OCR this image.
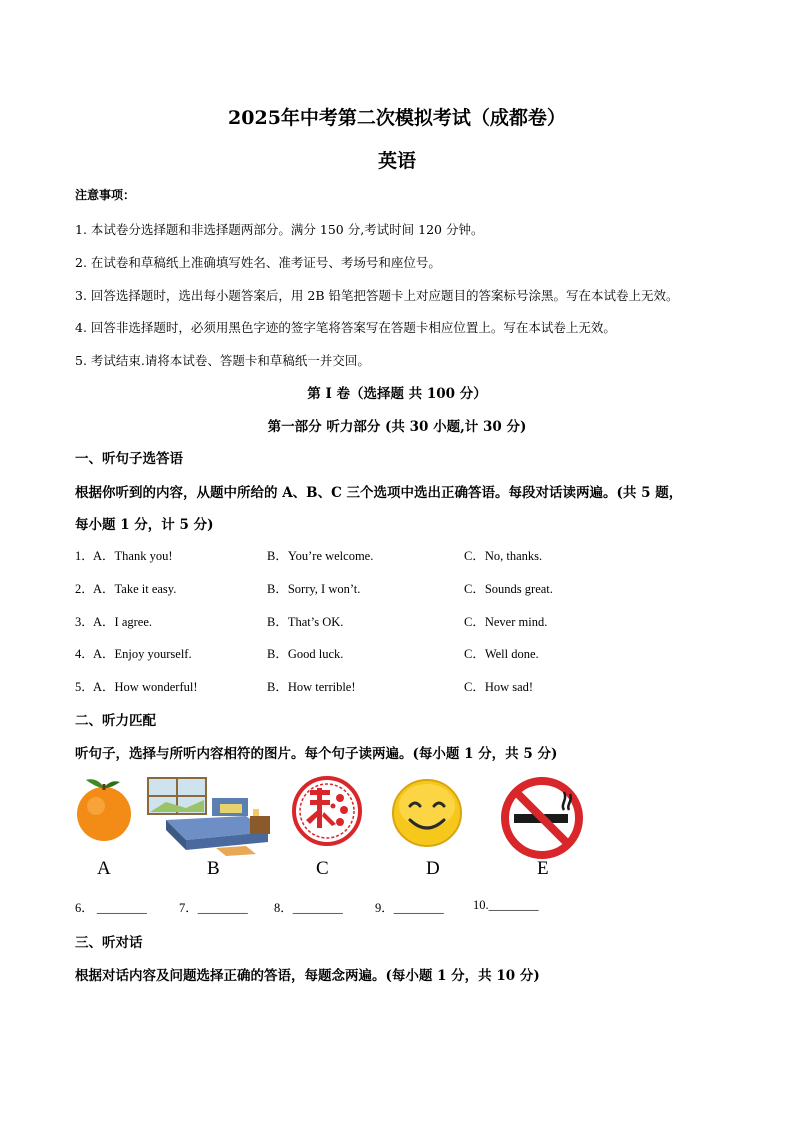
2025年中考第二次模拟考试（成都卷）
英语
注意事项：
1. 本试卷分选择题和非选择题两部分。满分 150 分,考试时间 120 分钟。
2. 在试卷和草稿纸上准确填写姓名、准考证号、考场号和座位号。
3. 回答选择题时，选出每小题答案后，用 2B 铅笔把答题卡上对应题目的答案标号涂黑。写在本试卷上无效。
4. 回答非选择题时，必须用黑色字迹的签字笔将答案写在答题卡相应位置上。写在本试卷上无效。
5. 考试结束.请将本试卷、答题卡和草稿纸一并交回。
第 I 卷（选择题 共 100 分）
第一部分 听力部分 (共 30 小题,计 30 分)
一、听句子选答语
根据你听到的内容，从题中所给的 A、B、C 三个选项中选出正确答语。每段对话读两遍。(共 5 题，
每小题 1 分，计 5 分)
1． A．Thank you!	B．You’re welcome.	C．No, thanks.
2． A．Take it easy.	B．Sorry, I won’t.	C．Sounds great.
3． A．I agree.	B．That’s OK.	C．Never mind.
4． A．Enjoy yourself.	B．Good luck.	C．Well done.
5． A．How wonderful!	B．How terrible!	C．How sad!
二、听力匹配
听句子，选择与所听内容相符的图片。每个句子读两遍。(每小题 1 分，共 5 分)
A	B	C	D	E
6． ________	7．________ 8．________	9．________ 10.________
三、听对话
根据对话内容及问题选择正确的答语，每题念两遍。(每小题 1 分，共 10 分)
